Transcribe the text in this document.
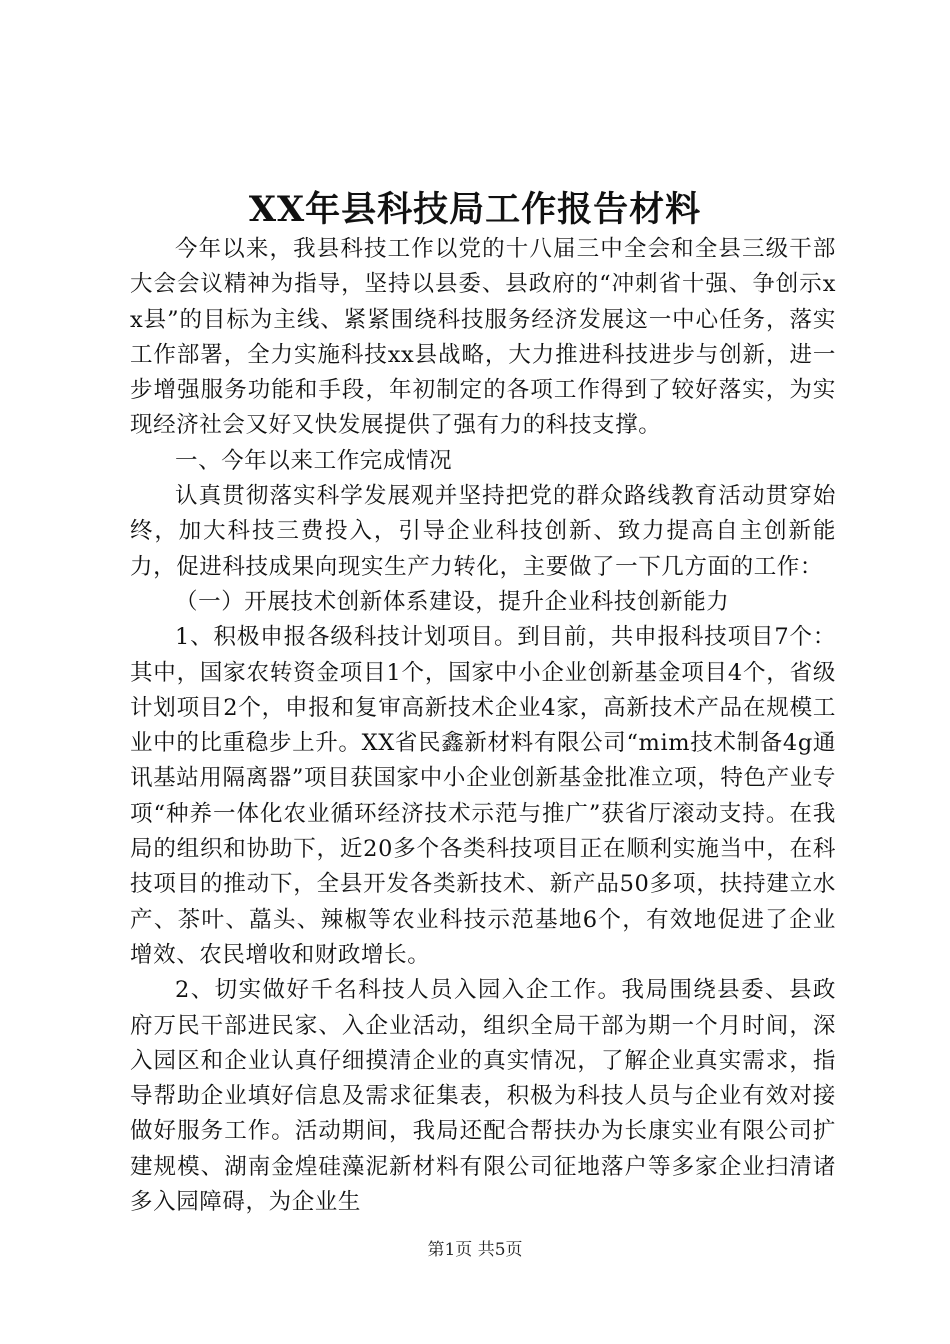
XX年县科技局工作报告材料

今年以来，我县科技工作以党的十八届三中全会和全县三级干部大会会议精神为指导，坚持以县委、县政府的“冲刺省十强、争创示xx县”的目标为主线、紧紧围绕科技服务经济发展这一中心任务，落实工作部署，全力实施科技xx县战略，大力推进科技进步与创新，进一步增强服务功能和手段，年初制定的各项工作得到了较好落实，为实现经济社会又好又快发展提供了强有力的科技支撑。

一、今年以来工作完成情况

认真贯彻落实科学发展观并坚持把党的群众路线教育活动贯穿始终，加大科技三费投入，引导企业科技创新、致力提高自主创新能力，促进科技成果向现实生产力转化，主要做了一下几方面的工作：

（一）开展技术创新体系建设，提升企业科技创新能力

1、积极申报各级科技计划项目。到目前，共申报科技项目7个：其中，国家农转资金项目1个，国家中小企业创新基金项目4个，省级计划项目2个，申报和复审高新技术企业4家，高新技术产品在规模工业中的比重稳步上升。XX省民鑫新材料有限公司“mim技术制备4g通讯基站用隔离器”项目获国家中小企业创新基金批准立项，特色产业专项“种养一体化农业循环经济技术示范与推广”获省厅滚动支持。在我局的组织和协助下，近20多个各类科技项目正在顺利实施当中，在科技项目的推动下，全县开发各类新技术、新产品50多项，扶持建立水产、茶叶、藠头、辣椒等农业科技示范基地6个，有效地促进了企业增效、农民增收和财政增长。

2、切实做好千名科技人员入园入企工作。我局围绕县委、县政府万民干部进民家、入企业活动，组织全局干部为期一个月时间，深入园区和企业认真仔细摸清企业的真实情况，了解企业真实需求，指导帮助企业填好信息及需求征集表，积极为科技人员与企业有效对接做好服务工作。活动期间，我局还配合帮扶办为长康实业有限公司扩建规模、湖南金煌硅藻泥新材料有限公司征地落户等多家企业扫清诸多入园障碍，为企业生

第1页 共5页
